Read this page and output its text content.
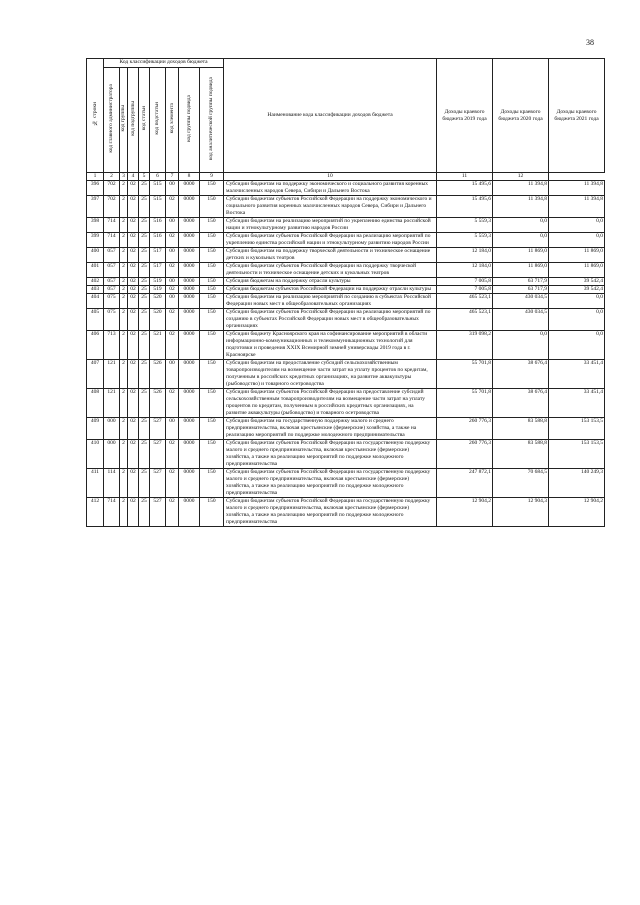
38
№ строки	Код классификации доходов бюджета								Наименование кода классификации доходов бюджета	Доходы краевого бюджета 2019 года	Доходы краевого бюджета 2020 года	Доходы краевого бюджета 2021 года
	код главного администратора	код группы	код подгруппы	код статьи	код подстатьи	код элемента	код группы подвида	код аналитической группы подвида				
1	2	3	4	5	6	7	8	9	10	11	12	
396	702	2	02	25	515	00	0000	150	Субсидии бюджетам на поддержку экономического и социального развития коренных малочисленных народов Севера, Сибири и Дальнего Востока	15 495,6	11 394,8	11 394,8
397	702	2	02	25	515	02	0000	150	Субсидии бюджетам субъектов Российской Федерации на поддержку экономического и социального развития коренных малочисленных народов Севера, Сибири и Дальнего Востока	15 495,6	11 394,8	11 394,8
398	714	2	02	25	516	00	0000	150	Субсидии бюджетам на реализацию мероприятий по укреплению единства российской нации и этнокультурному развитию народов России	5 559,3	0,0	0,0
399	714	2	02	25	516	02	0000	150	Субсидии бюджетам субъектов Российской Федерации на реализацию мероприятий по укреплению единства российской нации и этнокультурному развитию народов России	5 559,3	0,0	0,0
400	057	2	02	25	517	00	0000	150	Субсидии бюджетам на поддержку творческой деятельности и техническое оснащение детских и кукольных театров	12 184,0	11 869,0	11 869,0
401	057	2	02	25	517	02	0000	150	Субсидии бюджетам субъектов Российской Федерации на поддержку творческой деятельности и техническое оснащение детских и кукольных театров	12 184,0	11 869,0	11 869,0
402	057	2	02	25	519	00	0000	150	Субсидия бюджетам на поддержку отрасли культуры	7 005,8	63 717,9	39 542,4
403	057	2	02	25	519	02	0000	150	Субсидия бюджетам субъектов Российской Федерации на поддержку отрасли культуры	7 005,8	63 717,9	39 542,4
404	075	2	02	25	520	00	0000	150	Субсидии бюджетам на реализацию мероприятий по созданию в субъектах Российской Федерации новых мест в общеобразовательных организациях	465 523,1	430 034,5	0,0
405	075	2	02	25	520	02	0000	150	Субсидии бюджетам субъектов Российской Федерации на реализацию мероприятий по созданию в субъектах Российской Федерации новых мест в общеобразовательных организациях	465 523,1	430 034,5	0,0
406	713	2	02	25	521	02	0000	150	Субсидии бюджету Красноярского края на софинансирование мероприятий в области информационно-коммуникационных и телекоммуникационных технологий для подготовки и проведения XXIX Всемирной зимней универсиады 2019 года в г. Красноярске	319 098,2	0,0	0,0
407	121	2	02	25	526	00	0000	150	Субсидии бюджетам на предоставление субсидий сельскохозяйственным товаропроизводителям на возмещение части затрат на уплату процентов по кредитам, полученным в российских кредитных организациях, на развитие аквакультуры (рыбоводство) и товарного осетроводства	55 701,8	38 676,4	33 451,4
408	121	2	02	25	526	02	0000	150	Субсидии бюджетам субъектов Российской Федерации на предоставление субсидий сельскохозяйственным товаропроизводителям на возмещение части затрат на уплату процентов по кредитам, полученным в российских кредитных организациях, на развитие аквакультуры (рыбоводство) и товарного осетроводства	55 701,8	38 676,4	33 451,4
409	000	2	02	25	527	00	0000	150	Субсидии бюджетам на государственную поддержку малого и среднего предпринимательства, включая крестьянские (фермерские) хозяйства, а также на реализацию мероприятий по поддержке молодежного предпринимательства	260 776,3	83 588,8	153 153,5
410	000	2	02	25	527	02	0000	150	Субсидии бюджетам субъектов Российской Федерации на государственную поддержку малого и среднего предпринимательства, включая крестьянские (фермерские) хозяйства, а также на реализацию мероприятий по поддержке молодежного предпринимательства	260 776,3	83 588,8	153 153,5
411	114	2	02	25	527	02	0000	150	Субсидии бюджетам субъектов Российской Федерации на государственную поддержку малого и среднего предпринимательства, включая крестьянские (фермерские) хозяйства, а также на реализацию мероприятий по поддержке молодежного предпринимательства	247 872,1	70 684,5	140 249,3
412	714	2	02	25	527	02	0000	150	Субсидии бюджетам субъектов Российской Федерации на государственную поддержку малого и среднего предпринимательства, включая крестьянские (фермерские) хозяйства, а также на реализацию мероприятий по поддержке молодежного предпринимательства	12 904,2	12 904,3	12 904,2
